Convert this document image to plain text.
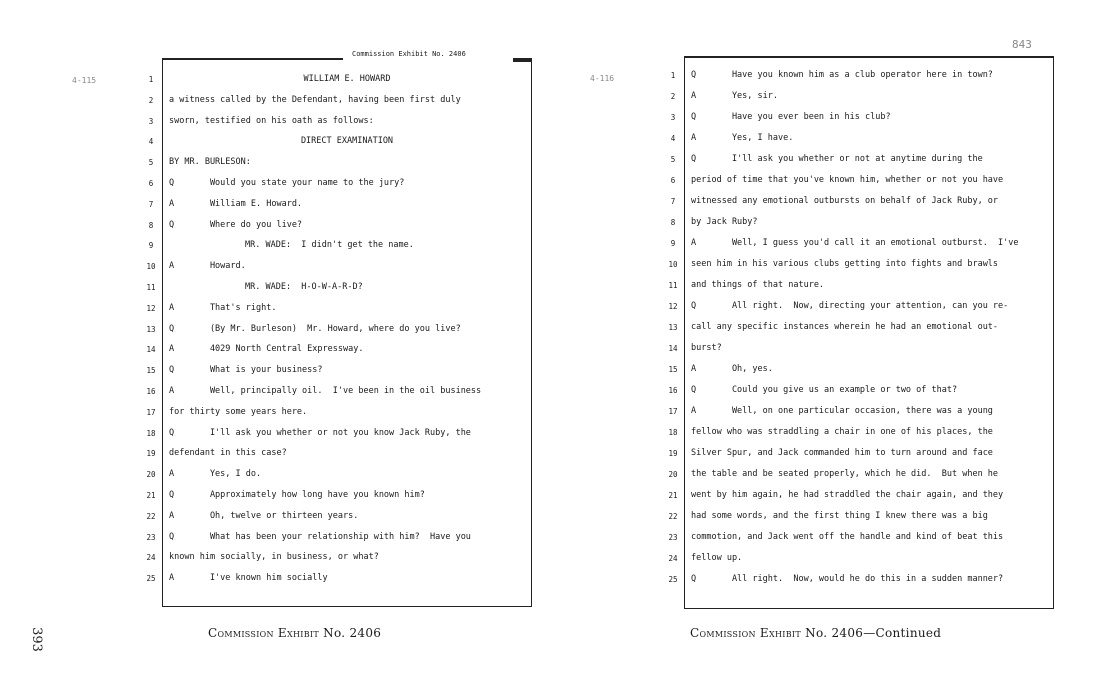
1	WILLIAM E. HOWARD
2	a witness called by the Defendant, having been first duly
3	sworn, testified on his oath as follows:
4	DIRECT EXAMINATION
5	BY MR. BURLESON:
6	Q       Would you state your name to the jury?
7	A       William E. Howard.
8	Q       Where do you live?
9	MR. WADE:  I didn't get the name.
10	A       Howard.
11	MR. WADE:  H-O-W-A-R-D?
12	A       That's right.
13	Q       (By Mr. Burleson)  Mr. Howard, where do you live?
14	A       4029 North Central Expressway.
15	Q       What is your business?
16	A       Well, principally oil.  I've been in the oil business
17	for thirty some years here.
18	Q       I'll ask you whether or not you know Jack Ruby, the
19	defendant in this case?
20	A       Yes, I do.
21	Q       Approximately how long have you known him?
22	A       Oh, twelve or thirteen years.
23	Q       What has been your relationship with him?  Have you
24	known him socially, in business, or what?
25	A       I've known him socially
Commission Exhibit No. 2406
4-115
1	Q       Have you known him as a club operator here in town?
2	A       Yes, sir.
3	Q       Have you ever been in his club?
4	A       Yes, I have.
5	Q       I'll ask you whether or not at anytime during the
6	period of time that you've known him, whether or not you have
7	witnessed any emotional outbursts on behalf of Jack Ruby, or
8	by Jack Ruby?
9	A       Well, I guess you'd call it an emotional outburst.  I've
10	seen him in his various clubs getting into fights and brawls
11	and things of that nature.
12	Q       All right.  Now, directing your attention, can you re-
13	call any specific instances wherein he had an emotional out-
14	burst?
15	A       Oh, yes.
16	Q       Could you give us an example or two of that?
17	A       Well, on one particular occasion, there was a young
18	fellow who was straddling a chair in one of his places, the
19	Silver Spur, and Jack commanded him to turn around and face
20	the table and be seated properly, which he did.  But when he
21	went by him again, he had straddled the chair again, and they
22	had some words, and the first thing I knew there was a big
23	commotion, and Jack went off the handle and kind of beat this
24	fellow up.
25	Q       All right.  Now, would he do this in a sudden manner?
4-116
843
Commission Exhibit No. 2406	Commission Exhibit No. 2406—Continued
393
